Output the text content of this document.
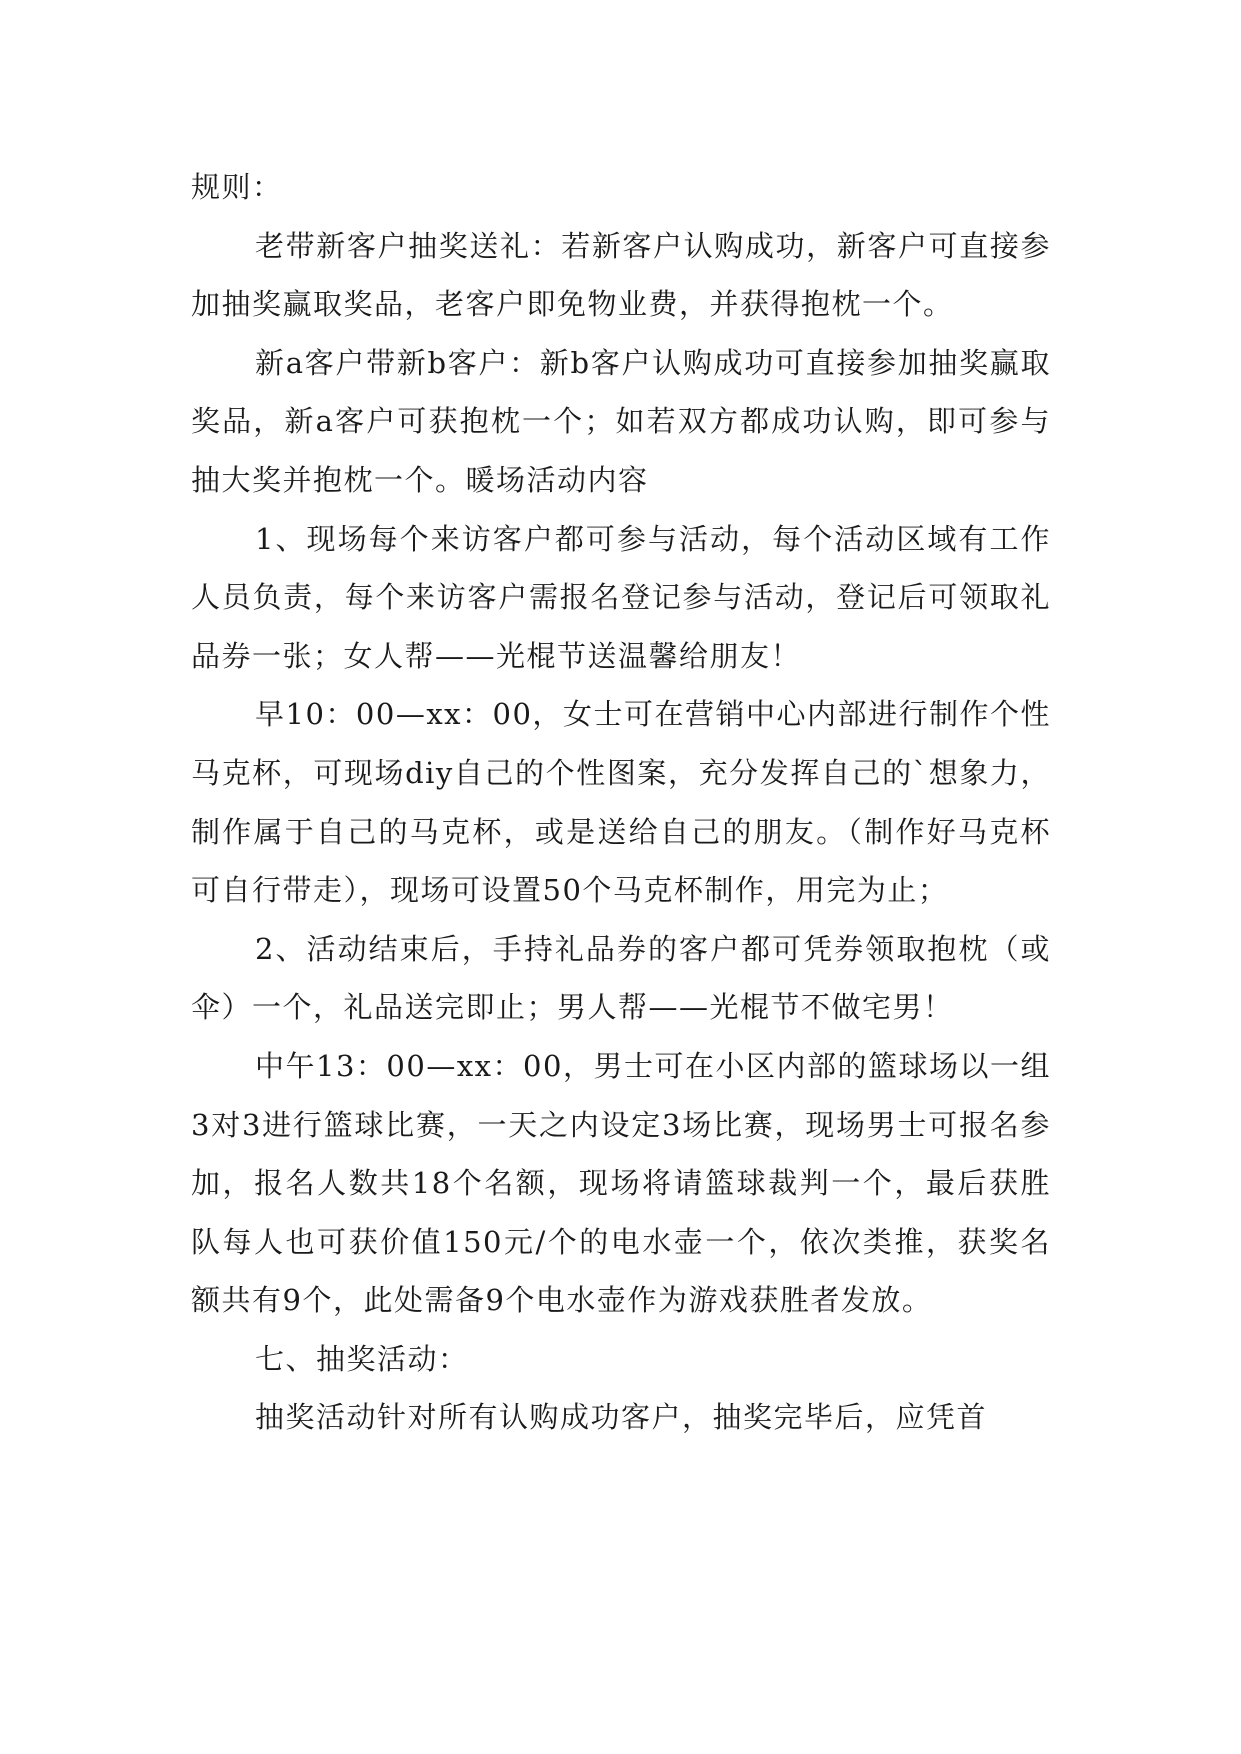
规则：

老带新客户抽奖送礼：若新客户认购成功，新客户可直接参加抽奖赢取奖品，老客户即免物业费，并获得抱枕一个。

新a客户带新b客户：新b客户认购成功可直接参加抽奖赢取奖品，新a客户可获抱枕一个；如若双方都成功认购，即可参与抽大奖并抱枕一个。暖场活动内容

1、现场每个来访客户都可参与活动，每个活动区域有工作人员负责，每个来访客户需报名登记参与活动，登记后可领取礼品券一张；女人帮——光棍节送温馨给朋友！

早10：00—xx：00，女士可在营销中心内部进行制作个性马克杯，可现场diy自己的个性图案，充分发挥自己的`想象力，制作属于自己的马克杯，或是送给自己的朋友。（制作好马克杯可自行带走），现场可设置50个马克杯制作，用完为止；

2、活动结束后，手持礼品券的客户都可凭券领取抱枕（或伞）一个，礼品送完即止；男人帮——光棍节不做宅男！

中午13：00—xx：00，男士可在小区内部的篮球场以一组3对3进行篮球比赛，一天之内设定3场比赛，现场男士可报名参加，报名人数共18个名额，现场将请篮球裁判一个，最后获胜队每人也可获价值150元/个的电水壶一个，依次类推，获奖名额共有9个，此处需备9个电水壶作为游戏获胜者发放。

七、抽奖活动：

抽奖活动针对所有认购成功客户，抽奖完毕后，应凭首
